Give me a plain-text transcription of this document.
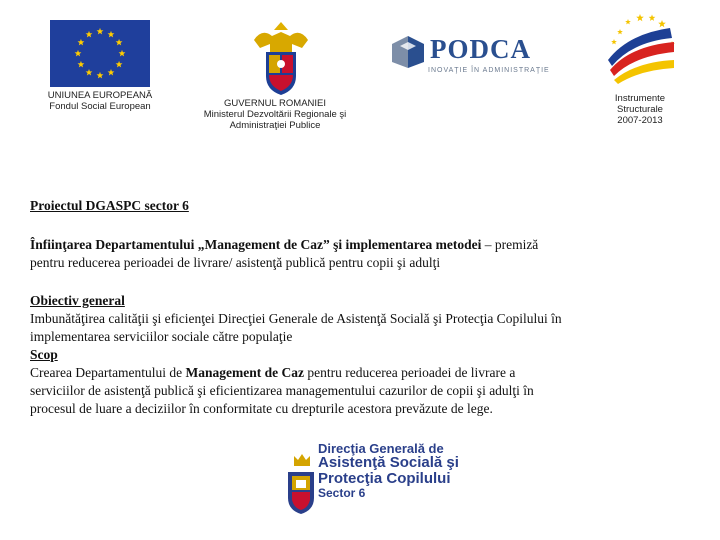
UNIUNEA EUROPEANĂ
Fondul Social European	GUVERNUL ROMANIEI
Ministerul Dezvoltării Regionale şi
Administraţiei Publice
PODCA
INOVAŢIE ÎN ADMINISTRAŢIE
Instrumente
Structurale
2007-2013
Proiectul DGASPC sector 6
Înfiinţarea Departamentului „Management de Caz” şi implementarea metodei – premiză
pentru reducerea perioadei de livrare/ asistenţă publică pentru copii şi adulţi
Obiectiv general
Imbunătăţirea calităţii şi eficienţei Direcţiei Generale de Asistenţă Socială şi Protecţia Copilului în
implementarea serviciilor sociale către populaţie
Scop
Crearea Departamentului de Management de Caz pentru reducerea perioadei de livrare a
serviciilor de asistenţă publică şi eficientizarea managementului cazurilor de copii şi adulţi în
procesul de luare a deciziilor în conformitate cu drepturile acestora prevăzute de lege.
Direcţia Generală de
Asistenţă Socială şi
Protecţia Copilului
Sector 6
